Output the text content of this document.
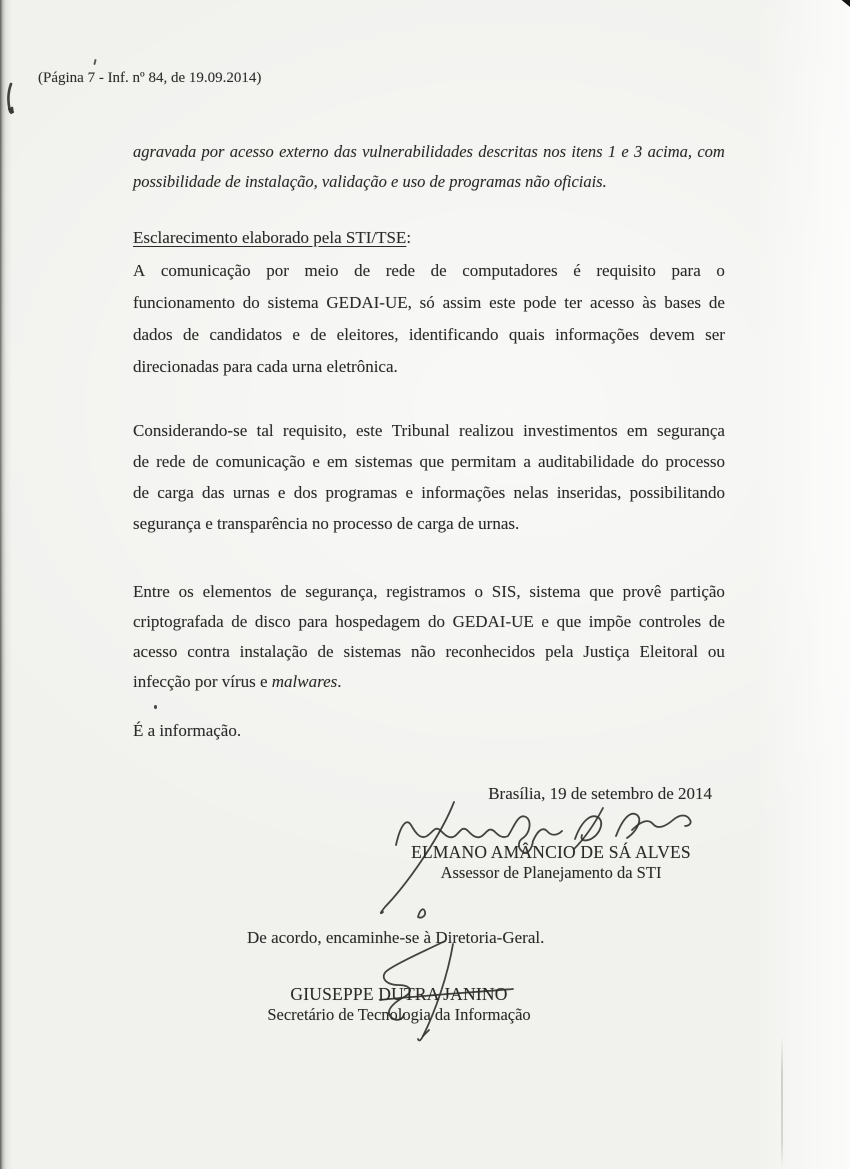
(Página 7 - Inf. nº 84, de 19.09.2014)
agravada por acesso externo das vulnerabilidades descritas nos itens 1 e 3 acima, com
possibilidade de instalação, validação e uso de programas não oficiais.
Esclarecimento elaborado pela STI/TSE:
A comunicação por meio de rede de computadores é requisito para o
funcionamento do sistema GEDAI-UE, só assim este pode ter acesso às bases de
dados de candidatos e de eleitores, identificando quais informações devem ser
direcionadas para cada urna eletrônica.
Considerando-se tal requisito, este Tribunal realizou investimentos em segurança
de rede de comunicação e em sistemas que permitam a auditabilidade do processo
de carga das urnas e dos programas e informações nelas inseridas, possibilitando
segurança e transparência no processo de carga de urnas.
Entre os elementos de segurança, registramos o SIS, sistema que provê partição
criptografada de disco para hospedagem do GEDAI-UE e que impõe controles de
acesso contra instalação de sistemas não reconhecidos pela Justiça Eleitoral ou
infecção por vírus e malwares.
É a informação.
Brasília, 19 de setembro de 2014
ELMANO AMÂNCIO DE SÁ ALVES
Assessor de Planejamento da STI
De acordo, encaminhe-se à Diretoria-Geral.
GIUSEPPE DUTRA JANINO
Secretário de Tecnologia da Informação
